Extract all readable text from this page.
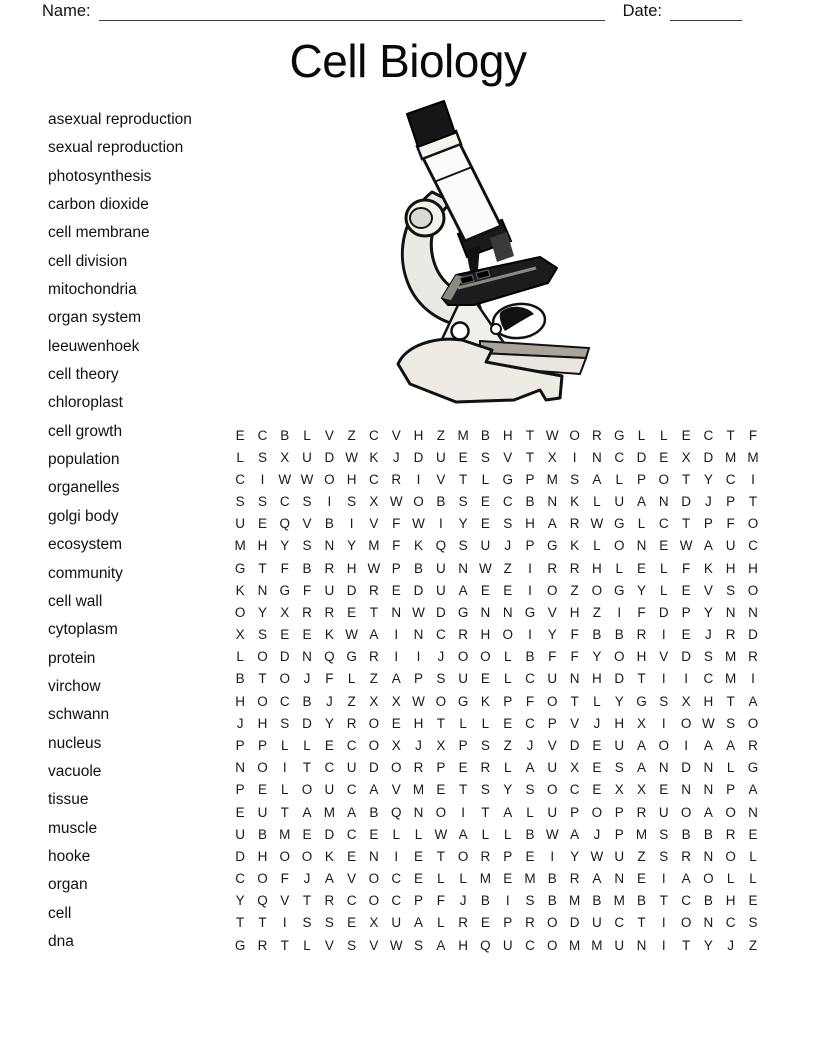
Name:	Date:
Cell Biology
asexual reproduction
sexual reproduction
photosynthesis
carbon dioxide
cell membrane
cell division
mitochondria
organ system
leeuwenhoek
cell theory
chloroplast
cell growth
population
organelles
golgi body
ecosystem
community
cell wall
cytoplasm
protein
virchow
schwann
nucleus
vacuole
tissue
muscle
hooke
organ
cell
dna
E C B	L	V	Z C V H Z M B H T W O R G L	L	E C T	F
L	S X U D W K	J	D U E S V	T	X	I	N C D E X D M M
C	I	W W O H C R	I	V	T	L G P M S A	L	P O T	Y C	I
S S C S	I	S X W O B S E C B N K	L	U A N D	J	P	T
U E Q V B	I	V	F W	I	Y E S H A R W G L	C T	P	F O
M H Y S N Y M F	K Q S U	J	P G K	L O N E W A U C
G T	F	B R H W P B U N W Z	I	R R H	L	E	L	F	K H H
K N G F U D R E D U A E E	I	O Z O G Y	L	E V S O
O Y X R R E	T N W D G N N G V H Z	I	F D P Y N N
X S E E K W A	I	N C R H O	I	Y	F	B B R	I	E	J	R D
L O D N Q G R	I	I	J	O O L	B	F	F	Y O H V D S M R
B	T O	J	F	L	Z	A P S U E	L	C U N H D T	I	I	C M	I
H O C B	J	Z	X X W O G K P	F O T	L	Y G S X H T	A
J	H S D Y R O E H T	L	L	E C P V	J	H X	I	O W S O
P P	L	L	E C O X	J	X P S	Z	J	V D E U A O	I	A A R
N O	I	T C U D O R P E R	L	A U X E S A N D N	L G
P E	L O U C A V M E	T	S Y S O C E X X E N N P A
E U T	A M A B Q N O	I	T	A	L	U P O P R U O A O N
U B M E D C E	L	L W A	L	L	B W A	J	P M S B B R E
D H O O K E N	I	E	T O R P E	I	Y W U Z	S R N O L
C O F	J	A V O C E	L	L M E M B R A N E	I	A O L	L
Y Q V	T R C O C P	F	J	B	I	S B M B M B	T C B H E
T	T	I	S S E X U A	L	R E P R O D U C T	I	O N C S
G R T	L	V S V W S A H Q U C O M M U N	I	T	Y	J	Z
